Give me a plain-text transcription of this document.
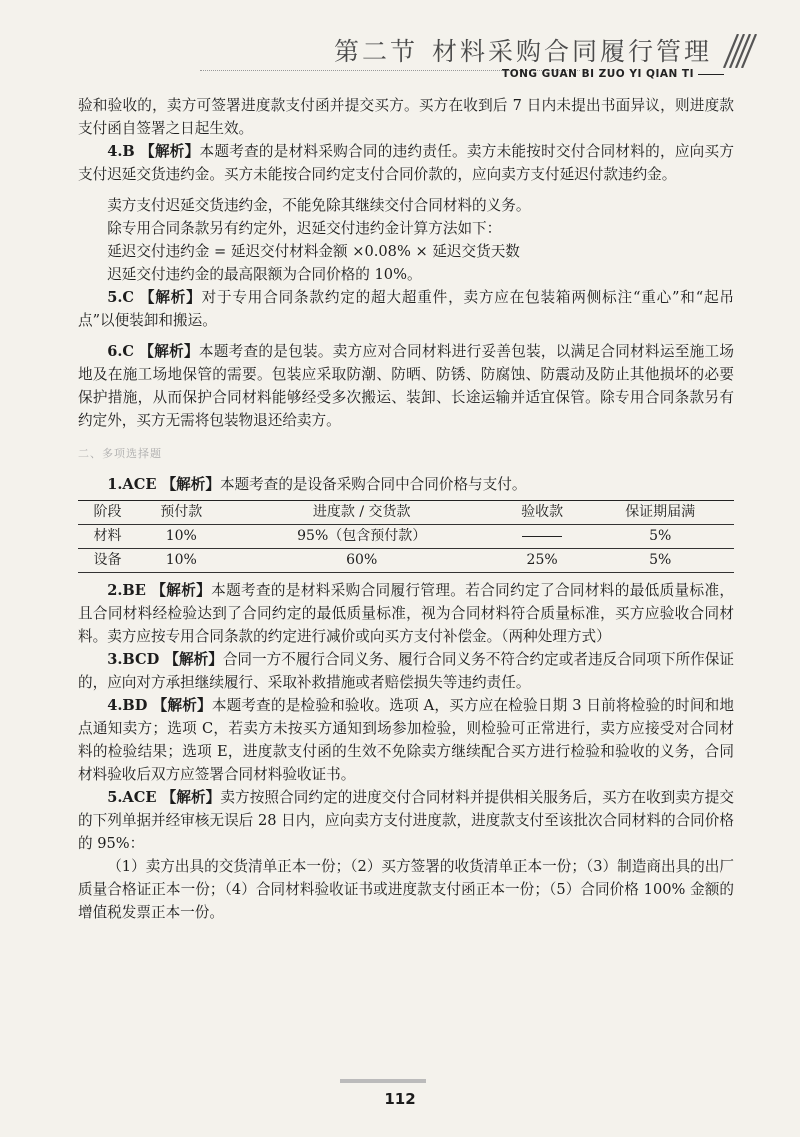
第二节 材料采购合同履行管理
TONG GUAN BI ZUO YI QIAN TI

验和验收的，卖方可签署进度款支付函并提交买方。买方在收到后 7 日内未提出书面异议，则进度款支付函自签署之日起生效。

4.B 【解析】本题考查的是材料采购合同的违约责任。卖方未能按时交付合同材料的，应向买方支付迟延交货违约金。买方未能按合同约定支付合同价款的，应向卖方支付延迟付款违约金。

卖方支付迟延交货违约金，不能免除其继续交付合同材料的义务。

除专用合同条款另有约定外，迟延交付违约金计算方法如下：

延迟交付违约金 = 延迟交付材料金额 ×0.08% × 延迟交货天数

迟延交付违约金的最高限额为合同价格的 10%。

5.C 【解析】对于专用合同条款约定的超大超重件，卖方应在包装箱两侧标注“重心”和“起吊点”以便装卸和搬运。

6.C 【解析】本题考查的是包装。卖方应对合同材料进行妥善包装，以满足合同材料运至施工场地及在施工场地保管的需要。包装应采取防潮、防晒、防锈、防腐蚀、防震动及防止其他损坏的必要保护措施，从而保护合同材料能够经受多次搬运、装卸、长途运输并适宜保管。除专用合同条款另有约定外，买方无需将包装物退还给卖方。

二、多项选择题

1.ACE 【解析】本题考查的是设备采购合同中合同价格与支付。

阶段	预付款	进度款 / 交货款	验收款	保证期届满
材料	10%	95%（包含预付款）		5%
设备	10%	60%	25%	5%

2.BE 【解析】本题考查的是材料采购合同履行管理。若合同约定了合同材料的最低质量标准，且合同材料经检验达到了合同约定的最低质量标准，视为合同材料符合质量标准，买方应验收合同材料。卖方应按专用合同条款的约定进行减价或向买方支付补偿金。（两种处理方式）

3.BCD 【解析】合同一方不履行合同义务、履行合同义务不符合约定或者违反合同项下所作保证的，应向对方承担继续履行、采取补救措施或者赔偿损失等违约责任。

4.BD 【解析】本题考查的是检验和验收。选项 A，买方应在检验日期 3 日前将检验的时间和地点通知卖方；选项 C，若卖方未按买方通知到场参加检验，则检验可正常进行，卖方应接受对合同材料的检验结果；选项 E，进度款支付函的生效不免除卖方继续配合买方进行检验和验收的义务，合同材料验收后双方应签署合同材料验收证书。

5.ACE 【解析】卖方按照合同约定的进度交付合同材料并提供相关服务后，买方在收到卖方提交的下列单据并经审核无误后 28 日内，应向卖方支付进度款，进度款支付至该批次合同材料的合同价格的 95%：

（1）卖方出具的交货清单正本一份；（2）买方签署的收货清单正本一份；（3）制造商出具的出厂质量合格证正本一份；（4）合同材料验收证书或进度款支付函正本一份；（5）合同价格 100% 金额的增值税发票正本一份。

112
